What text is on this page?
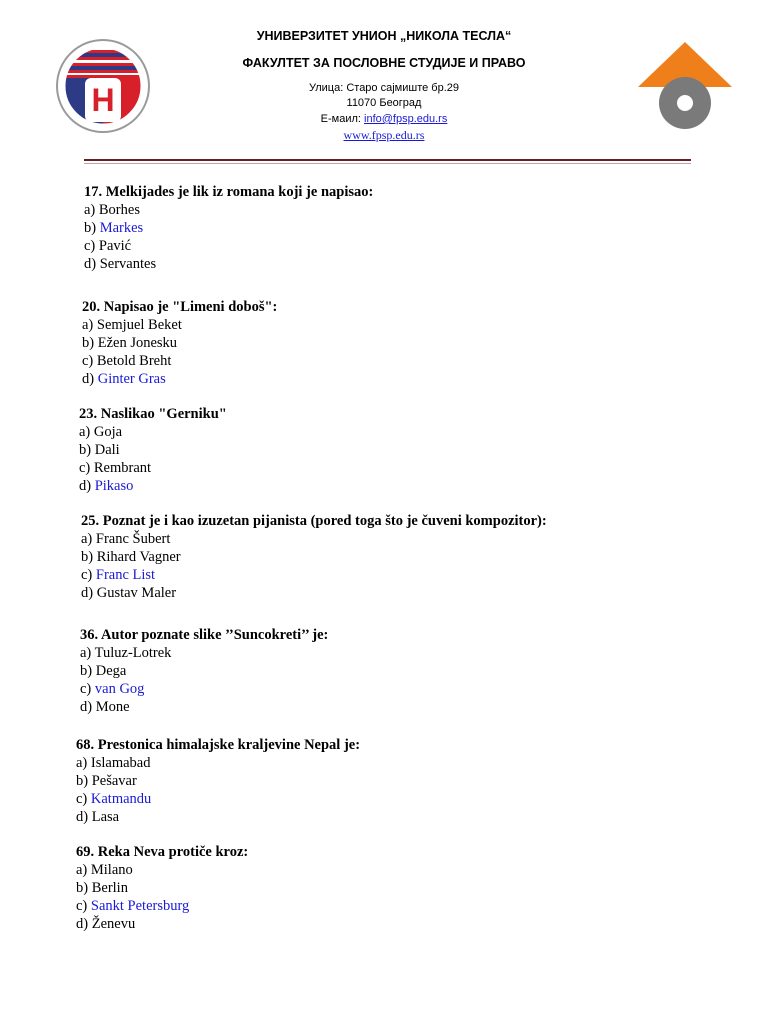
H
УНИВЕРЗИТЕТ УНИОН „НИКОЛА ТЕСЛА“
ФАКУЛТЕТ ЗА ПОСЛОВНЕ СТУДИЈЕ И ПРАВО
Улица: Старо сајмиште бр.29
11070 Београд
Е-маил: info@fpsp.edu.rs
www.fpsp.edu.rs
17. Melkijades je lik iz romana koji je napisao:
a) Borhes
b) Markes
c) Pavić
d) Servantes
20. Napisao je "Limeni doboš":
a) Semjuel Beket
b) Ežen Jonesku
c) Betold Breht
d) Ginter Gras
23. Naslikao "Gerniku"
a) Goja
b) Dali
c) Rembrant
d) Pikaso
25. Poznat je i kao izuzetan pijanista (pored toga što je čuveni kompozitor):
a) Franc Šubert
b) Rihard Vagner
c) Franc List
d) Gustav Maler
36. Autor poznate slike ’’Suncokreti’’ je:
a) Tuluz-Lotrek
b) Dega
c) van Gog
d) Mone
68. Prestonica himalajske kraljevine Nepal je:
a) Islamabad
b) Pešavar
c) Katmandu
d) Lasa
69. Reka Neva protiče kroz:
a) Milano
b) Berlin
c) Sankt Petersburg
d) Ženevu
